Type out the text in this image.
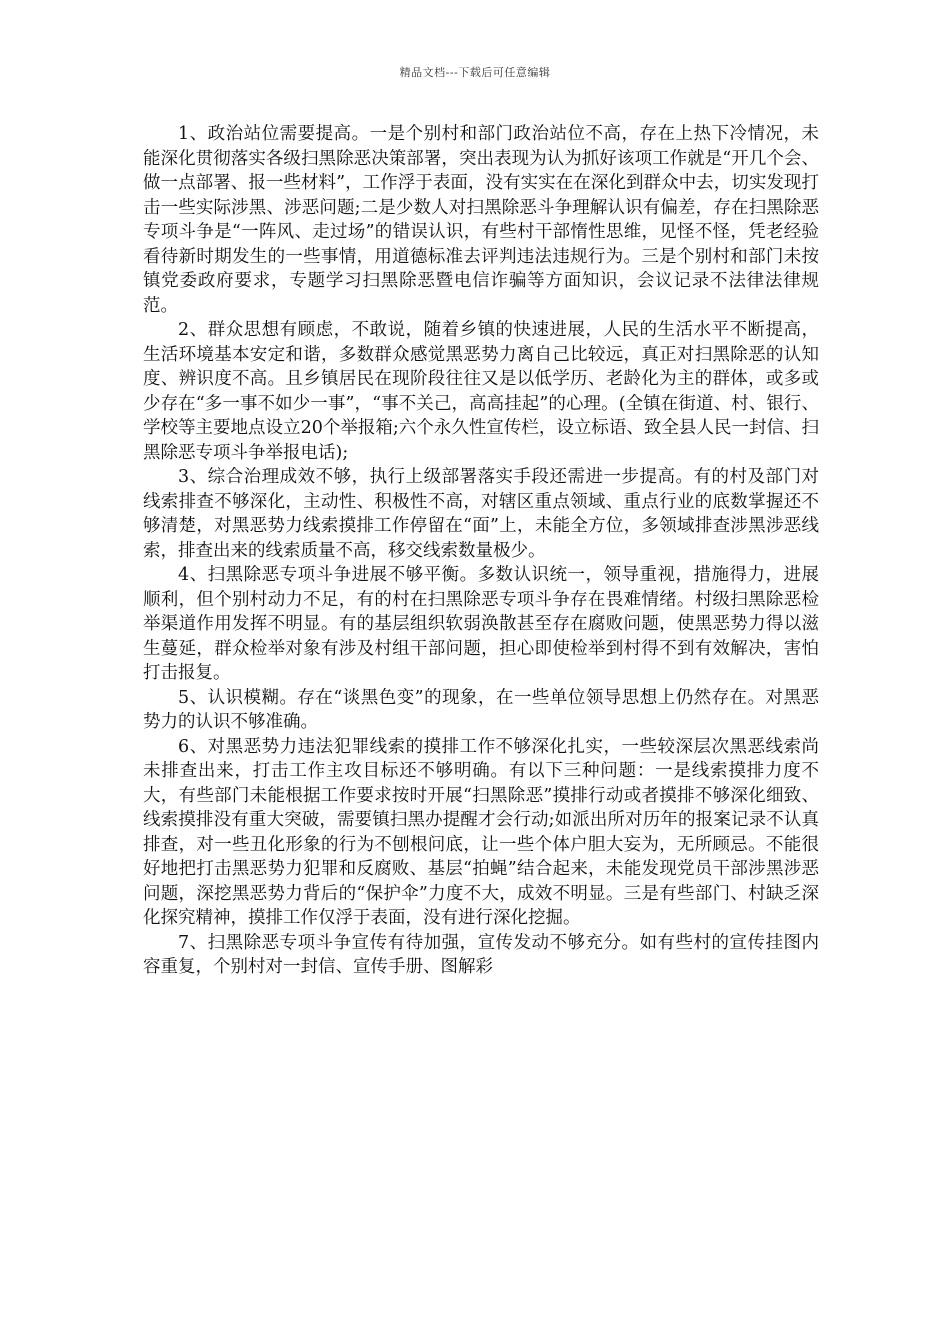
精品文档---下载后可任意编辑

1、政治站位需要提高。一是个别村和部门政治站位不高，存在上热下冷情况，未能深化贯彻落实各级扫黑除恶决策部署，突出表现为认为抓好该项工作就是“开几个会、做一点部署、报一些材料”，工作浮于表面，没有实实在在深化到群众中去，切实发现打击一些实际涉黑、涉恶问题;二是少数人对扫黑除恶斗争理解认识有偏差，存在扫黑除恶专项斗争是“一阵风、走过场”的错误认识，有些村干部惰性思维，见怪不怪，凭老经验看待新时期发生的一些事情，用道德标准去评判违法违规行为。三是个别村和部门未按镇党委政府要求，专题学习扫黑除恶暨电信诈骗等方面知识，会议记录不法律法律规范。

2、群众思想有顾虑，不敢说，随着乡镇的快速进展，人民的生活水平不断提高，生活环境基本安定和谐，多数群众感觉黑恶势力离自己比较远，真正对扫黑除恶的认知度、辨识度不高。且乡镇居民在现阶段往往又是以低学历、老龄化为主的群体，或多或少存在“多一事不如少一事”，“事不关己，高高挂起”的心理。(全镇在街道、村、银行、学校等主要地点设立20个举报箱;六个永久性宣传栏，设立标语、致全县人民一封信、扫黑除恶专项斗争举报电话);

3、综合治理成效不够，执行上级部署落实手段还需进一步提高。有的村及部门对线索排查不够深化，主动性、积极性不高，对辖区重点领域、重点行业的底数掌握还不够清楚，对黑恶势力线索摸排工作停留在“面”上，未能全方位，多领域排查涉黑涉恶线索，排查出来的线索质量不高，移交线索数量极少。

4、扫黑除恶专项斗争进展不够平衡。多数认识统一，领导重视，措施得力，进展顺利，但个别村动力不足，有的村在扫黑除恶专项斗争存在畏难情绪。村级扫黑除恶检举渠道作用发挥不明显。有的基层组织软弱涣散甚至存在腐败问题，使黑恶势力得以滋生蔓延，群众检举对象有涉及村组干部问题，担心即使检举到村得不到有效解决，害怕打击报复。

5、认识模糊。存在“谈黑色变”的现象，在一些单位领导思想上仍然存在。对黑恶势力的认识不够准确。

6、对黑恶势力违法犯罪线索的摸排工作不够深化扎实，一些较深层次黑恶线索尚未排查出来，打击工作主攻目标还不够明确。有以下三种问题：一是线索摸排力度不大，有些部门未能根据工作要求按时开展“扫黑除恶”摸排行动或者摸排不够深化细致、线索摸排没有重大突破，需要镇扫黑办提醒才会行动;如派出所对历年的报案记录不认真排查，对一些丑化形象的行为不刨根问底，让一些个体户胆大妄为，无所顾忌。不能很好地把打击黑恶势力犯罪和反腐败、基层“拍蝇”结合起来，未能发现党员干部涉黑涉恶问题，深挖黑恶势力背后的“保护伞”力度不大，成效不明显。三是有些部门、村缺乏深化探究精神，摸排工作仅浮于表面，没有进行深化挖掘。

7、扫黑除恶专项斗争宣传有待加强，宣传发动不够充分。如有些村的宣传挂图内容重复，个别村对一封信、宣传手册、图解彩
